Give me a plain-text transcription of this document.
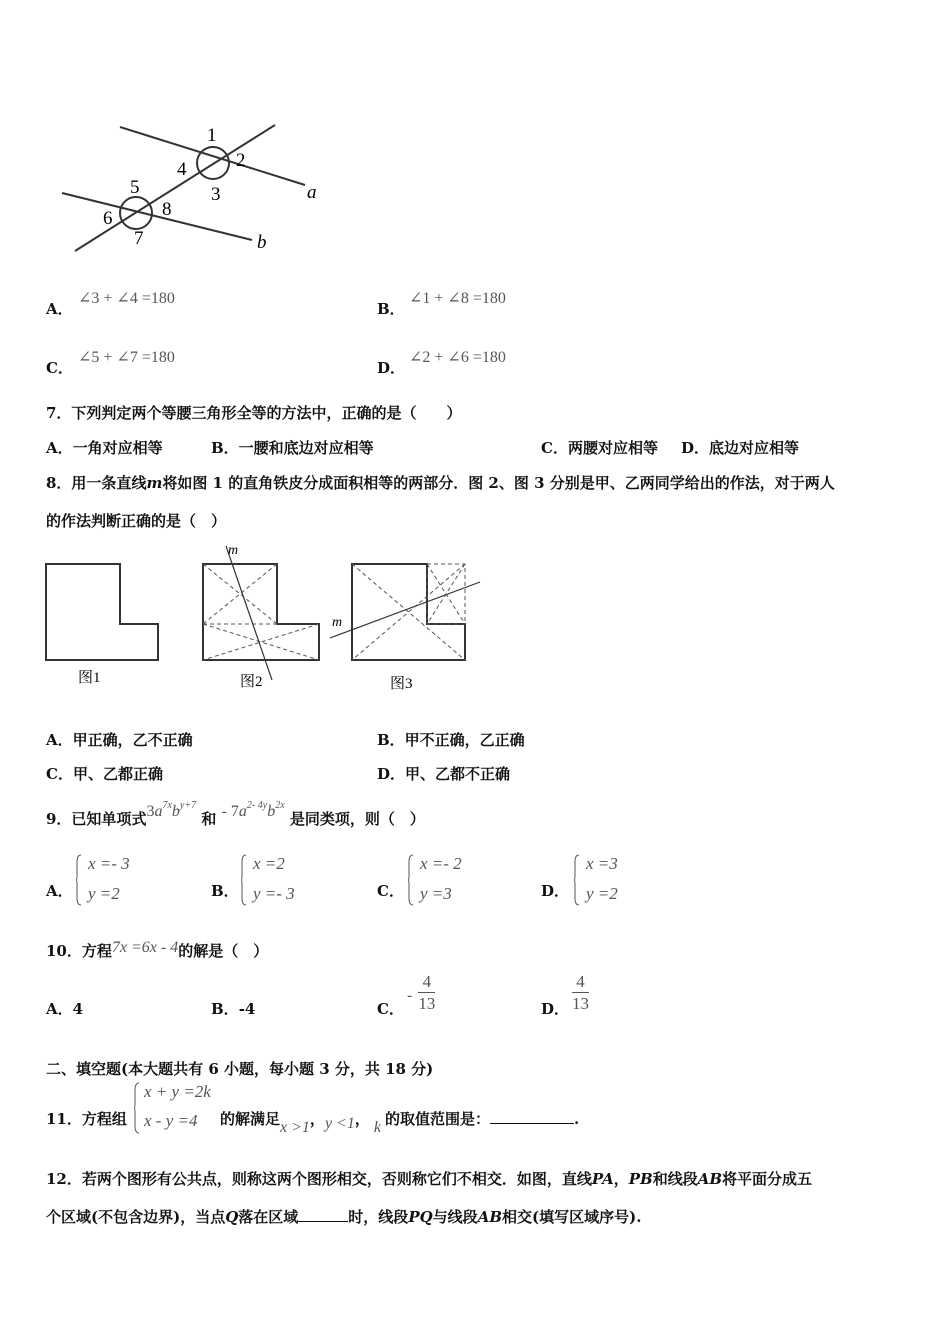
1
2
3
4
5
6
7
8
a
b
A．
∠3 + ∠4 =180
B．
∠1 + ∠8 =180
C．
∠5 + ∠7 =180
D．
∠2 + ∠6 =180
7．下列判定两个等腰三角形全等的方法中，正确的是（　　）
A．一角对应相等	B．一腰和底边对应相等	C．两腰对应相等 D．底边对应相等
8．用一条直线m将如图 1 的直角铁皮分成面积相等的两部分．图 2、图 3 分别是甲、乙两同学给出的作法，对于两人
的作法判断正确的是（　）
图1
m
图2
m
图3
A．甲正确，乙不正确	B．甲不正确，乙正确
C．甲、乙都正确	D．甲、乙都不正确
9．已知单项式$3a^{7x}b^{y+7}$ 和 - $7a^{2- 4y}b^{2x}$ 是同类项，则（　）
A．
x =- 3
y =2	B．
x =2
y =- 3	C．
x =- 2
y =3	D．
x =3
y =2
10．方程7x =6x - 4的解是（　）
A．4	B．-4	C．
- $\frac{4}{13}$	D． $\frac{4}{13}$
二、填空题(本大题共有 6 小题，每小题 3 分，共 18 分)
11．方程组
x + y =2k
x - y =4 的解满足x >1，y <1， k 的取值范围是：	.
12．若两个图形有公共点，则称这两个图形相交，否则称它们不相交．如图，直线PA，PB和线段AB将平面分成五
个区域(不包含边界)，当点Q落在区域	时，线段PQ与线段AB相交(填写区域序号).
